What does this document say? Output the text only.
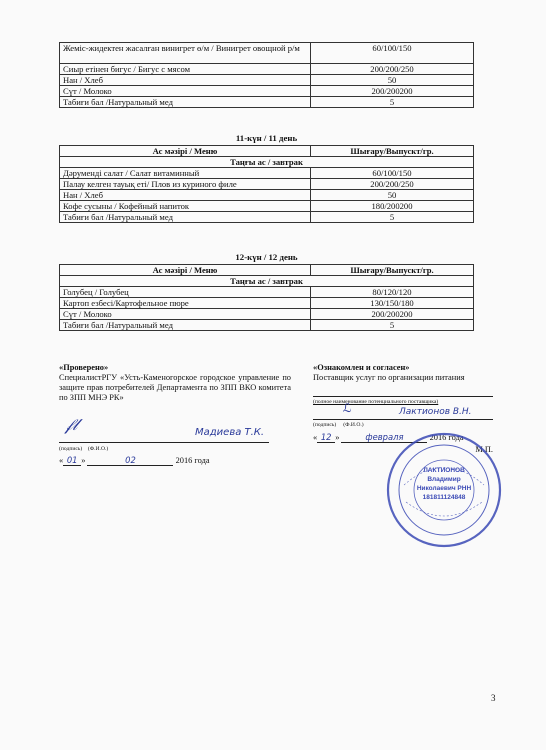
Жеміс-жидектен жасалған винигрет ө/м / Винигрет овощной р/м	60/100/150
Сиыр етінен бигус / Бигус с мясом	200/200/250
Нан / Хлеб	50
Сүт / Молоко	200/200200
Табиғи бал /Натуральный мед	5
11-күн / 11 день
Ас мәзірі / Меню	Шығару/Выпускт/гр.
Таңғы ас / завтрак	
Дәрумендi салат / Салат витаминный	60/100/150
Палау келген тауық еті/ Плов из куриного филе	200/200/250
Нан / Хлеб	50
Кофе сусыны / Кофейный напиток	180/200200
Табиғи бал /Натуральный мед	5
12-күн / 12 день
Ас мәзірі / Меню	Шығару/Выпускт/гр.
Таңғы ас / завтрак	
Голубец / Голубец	80/120/120
Картоп езбесі/Картофельное пюре	130/150/180
Сүт / Молоко	200/200200
Табиғи бал /Натуральный мед	5
«Проверено»
СпециалистРГУ «Усть-Каменогорское городское управление по защите прав потребителей Департамента по ЗПП ВКО комитета по ЗПП МНЭ РК»
𝒻𝓁	Мадиева Т.К.
(подпись) (Ф.И.О.)
« 01 »	02	2016 года
«Ознакомлен и согласен»
Поставщик услуг по организации питания
(полное наименование потенциального поставщика)
ℒ	Лактионов В.Н.
(подпись) (Ф.И.О.)
« 12 »	февраля	2016 года
М.П.
ЛАКТИОНОВ Владимир Николаевич РНН 181811124848
3
